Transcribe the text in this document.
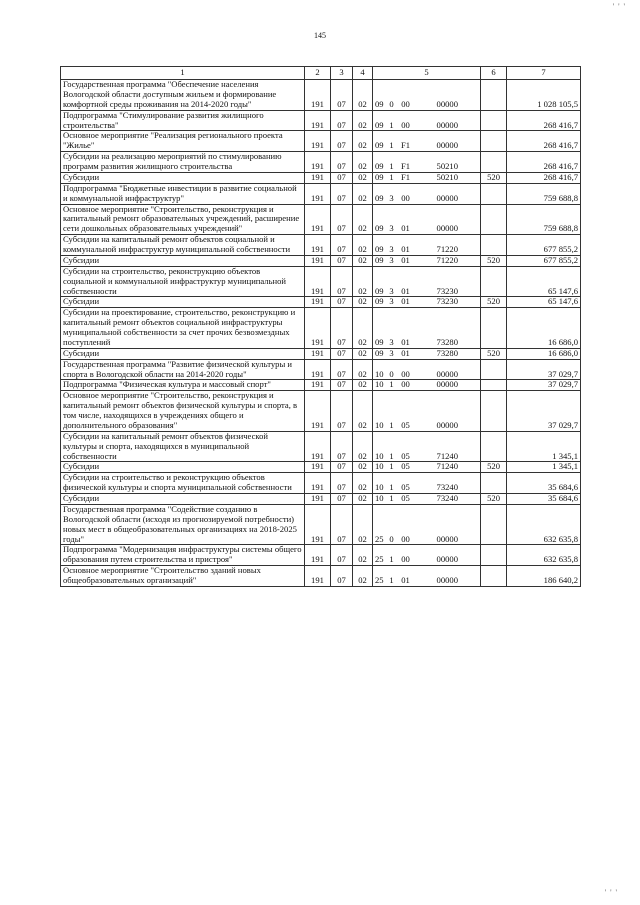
' ' '
145
1	2	3	4	5				6	7
Государственная программа "Обеспечение населения Вологодской области доступным жильем и формирование комфортной среды проживания на 2014-2020 годы"	191	07	02	09	0	00	00000		1 028 105,5
Подпрограмма "Стимулирование развития жилищного строительства"	191	07	02	09	1	00	00000		268 416,7
Основное мероприятие "Реализация регионального проекта "Жилье"	191	07	02	09	1	F1	00000		268 416,7
Субсидии на реализацию мероприятий по стимулированию программ развития жилищного строительства	191	07	02	09	1	F1	50210		268 416,7
Субсидии	191	07	02	09	1	F1	50210	520	268 416,7
Подпрограмма "Бюджетные инвестиции в развитие социальной и коммунальной инфраструктур"	191	07	02	09	3	00	00000		759 688,8
Основное мероприятие "Строительство, реконструкция и капитальный ремонт образовательных учреждений, расширение сети дошкольных образовательных учреждений"	191	07	02	09	3	01	00000		759 688,8
Субсидии на капитальный ремонт объектов социальной и коммунальной инфраструктур муниципальной собственности	191	07	02	09	3	01	71220		677 855,2
Субсидии	191	07	02	09	3	01	71220	520	677 855,2
Субсидии на строительство, реконструкцию объектов социальной и коммунальной инфраструктур муниципальной собственности	191	07	02	09	3	01	73230		65 147,6
Субсидии	191	07	02	09	3	01	73230	520	65 147,6
Субсидии на проектирование, строительство, реконструкцию и капитальный ремонт объектов социальной инфраструктуры муниципальной собственности за счет прочих безвозмездных поступлений	191	07	02	09	3	01	73280		16 686,0
Субсидии	191	07	02	09	3	01	73280	520	16 686,0
Государственная программа "Развитие физической культуры и спорта в Вологодской области на 2014-2020 годы"	191	07	02	10	0	00	00000		37 029,7
Подпрограмма "Физическая культура и массовый спорт"	191	07	02	10	1	00	00000		37 029,7
Основное мероприятие "Строительство, реконструкция и капитальный ремонт объектов физической культуры и спорта, в том числе, находящихся в учреждениях общего и дополнительного образования"	191	07	02	10	1	05	00000		37 029,7
Субсидии на капитальный ремонт объектов физической культуры и спорта, находящихся в муниципальной собственности	191	07	02	10	1	05	71240		1 345,1
Субсидии	191	07	02	10	1	05	71240	520	1 345,1
Субсидии на строительство и реконструкцию объектов физической культуры и спорта муниципальной собственности	191	07	02	10	1	05	73240		35 684,6
Субсидии	191	07	02	10	1	05	73240	520	35 684,6
Государственная программа "Содействие созданию в Вологодской области (исходя из прогнозируемой потребности) новых мест в общеобразовательных организациях на 2018-2025 годы"	191	07	02	25	0	00	00000		632 635,8
Подпрограмма "Модернизация инфраструктуры системы общего образования путем строительства и пристроя"	191	07	02	25	1	00	00000		632 635,8
Основное мероприятие "Строительство зданий новых общеобразовательных организаций"	191	07	02	25	1	01	00000		186 640,2
' ' '
